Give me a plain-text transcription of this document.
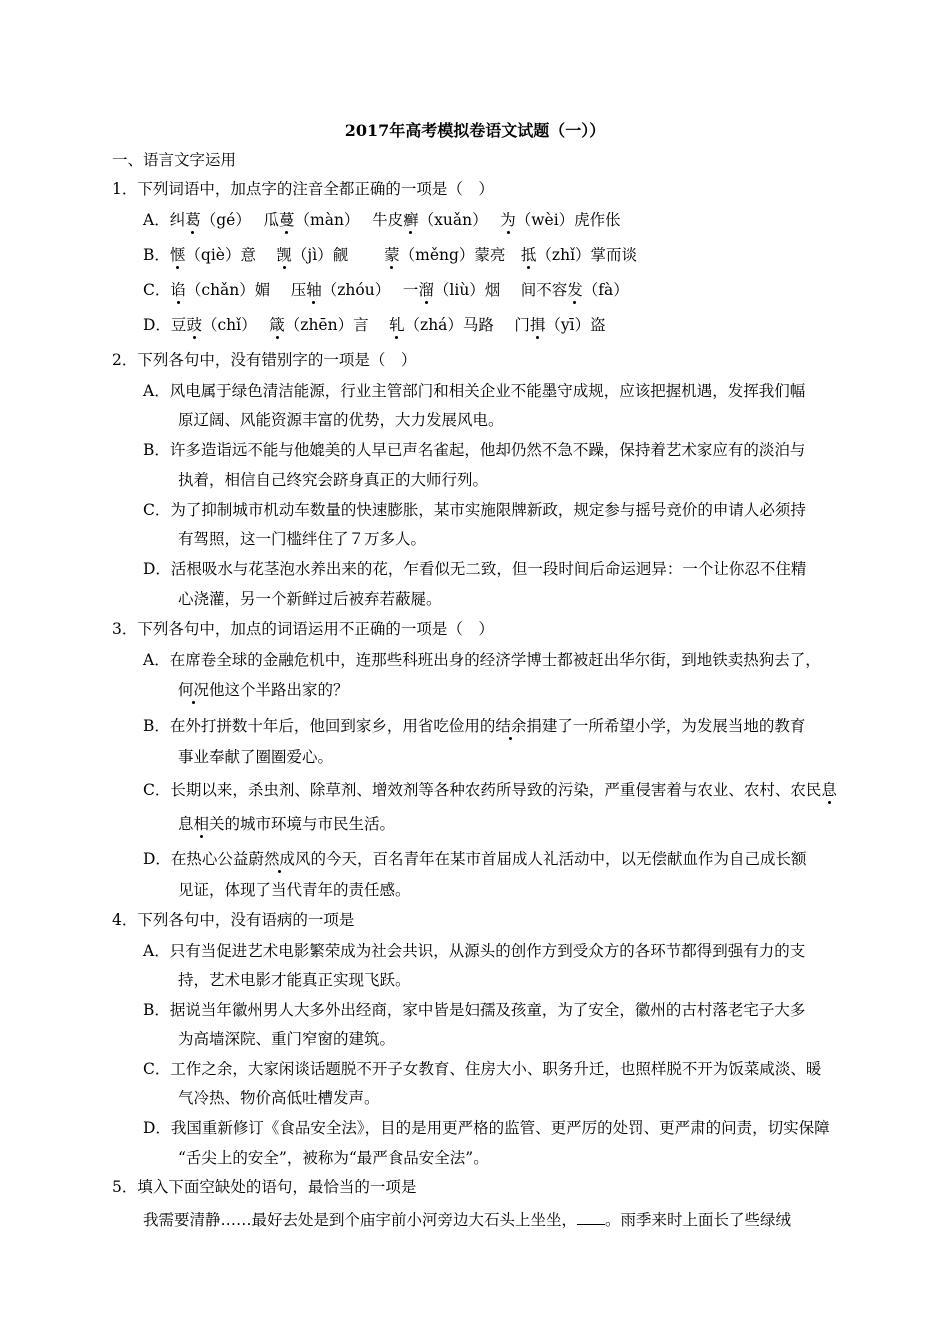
2017年高考模拟卷语文试题（一））
一、语言文字运用
1．下列词语中，加点字的注音全都正确的一项是（　）
A．纠葛（gé）　 瓜蔓（màn）　 牛皮癣（xuǎn）　 为（wèi）虎作伥
B．惬（qiè）意　 觊（jì）觎　　 蒙（měng）蒙亮　抵（zhǐ）掌而谈
C．谄（chǎn）媚　 压轴（zhóu）　 一溜（liù）烟　 间不容发（fà）
D．豆豉（chǐ）　 箴（zhēn）言　 轧（zhá）马路　 门揖（yī）盗
2．下列各句中，没有错别字的一项是（　）
A．风电属于绿色清洁能源，行业主管部门和相关企业不能墨守成规，应该把握机遇，发挥我们幅
原辽阔、风能资源丰富的优势，大力发展风电。
B．许多造诣远不能与他媲美的人早已声名雀起，他却仍然不急不躁，保持着艺术家应有的淡泊与
执着，相信自己终究会跻身真正的大师行列。
C．为了抑制城市机动车数量的快速膨胀，某市实施限牌新政，规定参与摇号竞价的申请人必须持
有驾照，这一门槛绊住了７万多人。
D．活根吸水与花茎泡水养出来的花，乍看似无二致，但一段时间后命运迥异：一个让你忍不住精
心浇灌，另一个新鲜过后被弃若蔽屣。
3．下列各句中，加点的词语运用不正确的一项是（　）
A．在席卷全球的金融危机中，连那些科班出身的经济学博士都被赶出华尔街，到地铁卖热狗去了，
何况他这个半路出家的？
B．在外打拼数十年后，他回到家乡，用省吃俭用的结余捐建了一所希望小学，为发展当地的教育
事业奉献了圈圈爱心。
C．长期以来，杀虫剂、除草剂、增效剂等各种农药所导致的污染，严重侵害着与农业、农村、农民息
息相关的城市环境与市民生活。
D．在热心公益蔚然成风的今天，百名青年在某市首届成人礼活动中，以无偿献血作为自己成长额
见证，体现了当代青年的责任感。
4．下列各句中，没有语病的一项是
A．只有当促进艺术电影繁荣成为社会共识，从源头的创作方到受众方的各环节都得到强有力的支
持，艺术电影才能真正实现飞跃。
B．据说当年徽州男人大多外出经商，家中皆是妇孺及孩童，为了安全，徽州的古村落老宅子大多
为高墙深院、重门窄窗的建筑。
C．工作之余，大家闲谈话题脱不开子女教育、住房大小、职务升迁，也照样脱不开为饭菜咸淡、暖
气冷热、物价高低吐槽发声。
D．我国重新修订《食品安全法》，目的是用更严格的监管、更严厉的处罚、更严肃的问责，切实保障
“舌尖上的安全”，被称为“最严食品安全法”。
5．填入下面空缺处的语句，最恰当的一项是
我需要清静……最好去处是到个庙宇前小河旁边大石头上坐坐， 。雨季来时上面长了些绿绒
